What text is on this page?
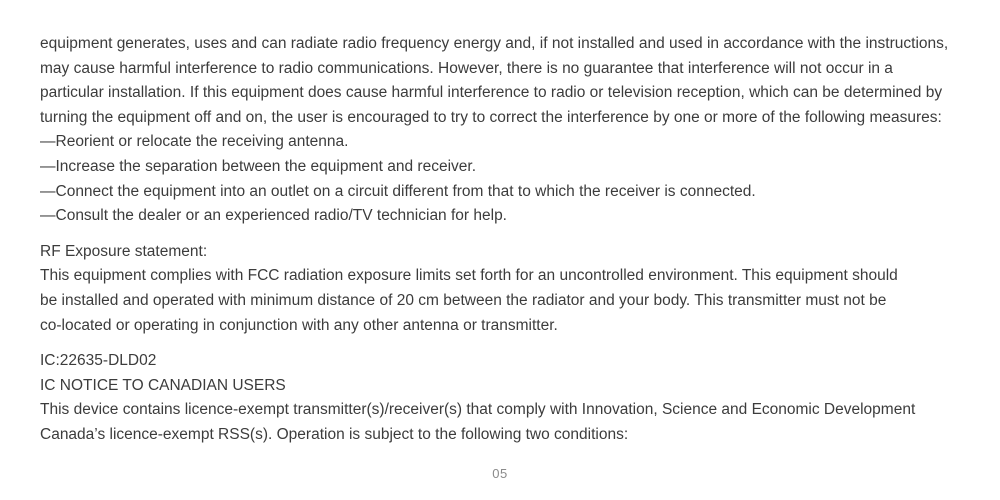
equipment generates, uses and can radiate radio frequency energy and, if not installed and used in accordance with the instructions,
may cause harmful interference to radio communications. However, there is no guarantee that interference will not occur in a
particular installation. If this equipment does cause harmful interference to radio or television reception, which can be determined by
turning the equipment off and on, the user is encouraged to try to correct the interference by one or more of the following measures:
—Reorient or relocate the receiving antenna.
—Increase the separation between the equipment and receiver.
—Connect the equipment into an outlet on a circuit different from that to which the receiver is connected.
—Consult the dealer or an experienced radio/TV technician for help.
RF Exposure statement:
This equipment complies with FCC radiation exposure limits set forth for an uncontrolled environment. This equipment should
be installed and operated with minimum distance of 20 cm between the radiator and your body. This transmitter must not be
co-located or operating in conjunction with any other antenna or transmitter.
IC:22635-DLD02
IC NOTICE TO CANADIAN USERS
This device contains licence-exempt transmitter(s)/receiver(s) that comply with Innovation, Science and Economic Development
Canada’s licence-exempt RSS(s). Operation is subject to the following two conditions:
05
